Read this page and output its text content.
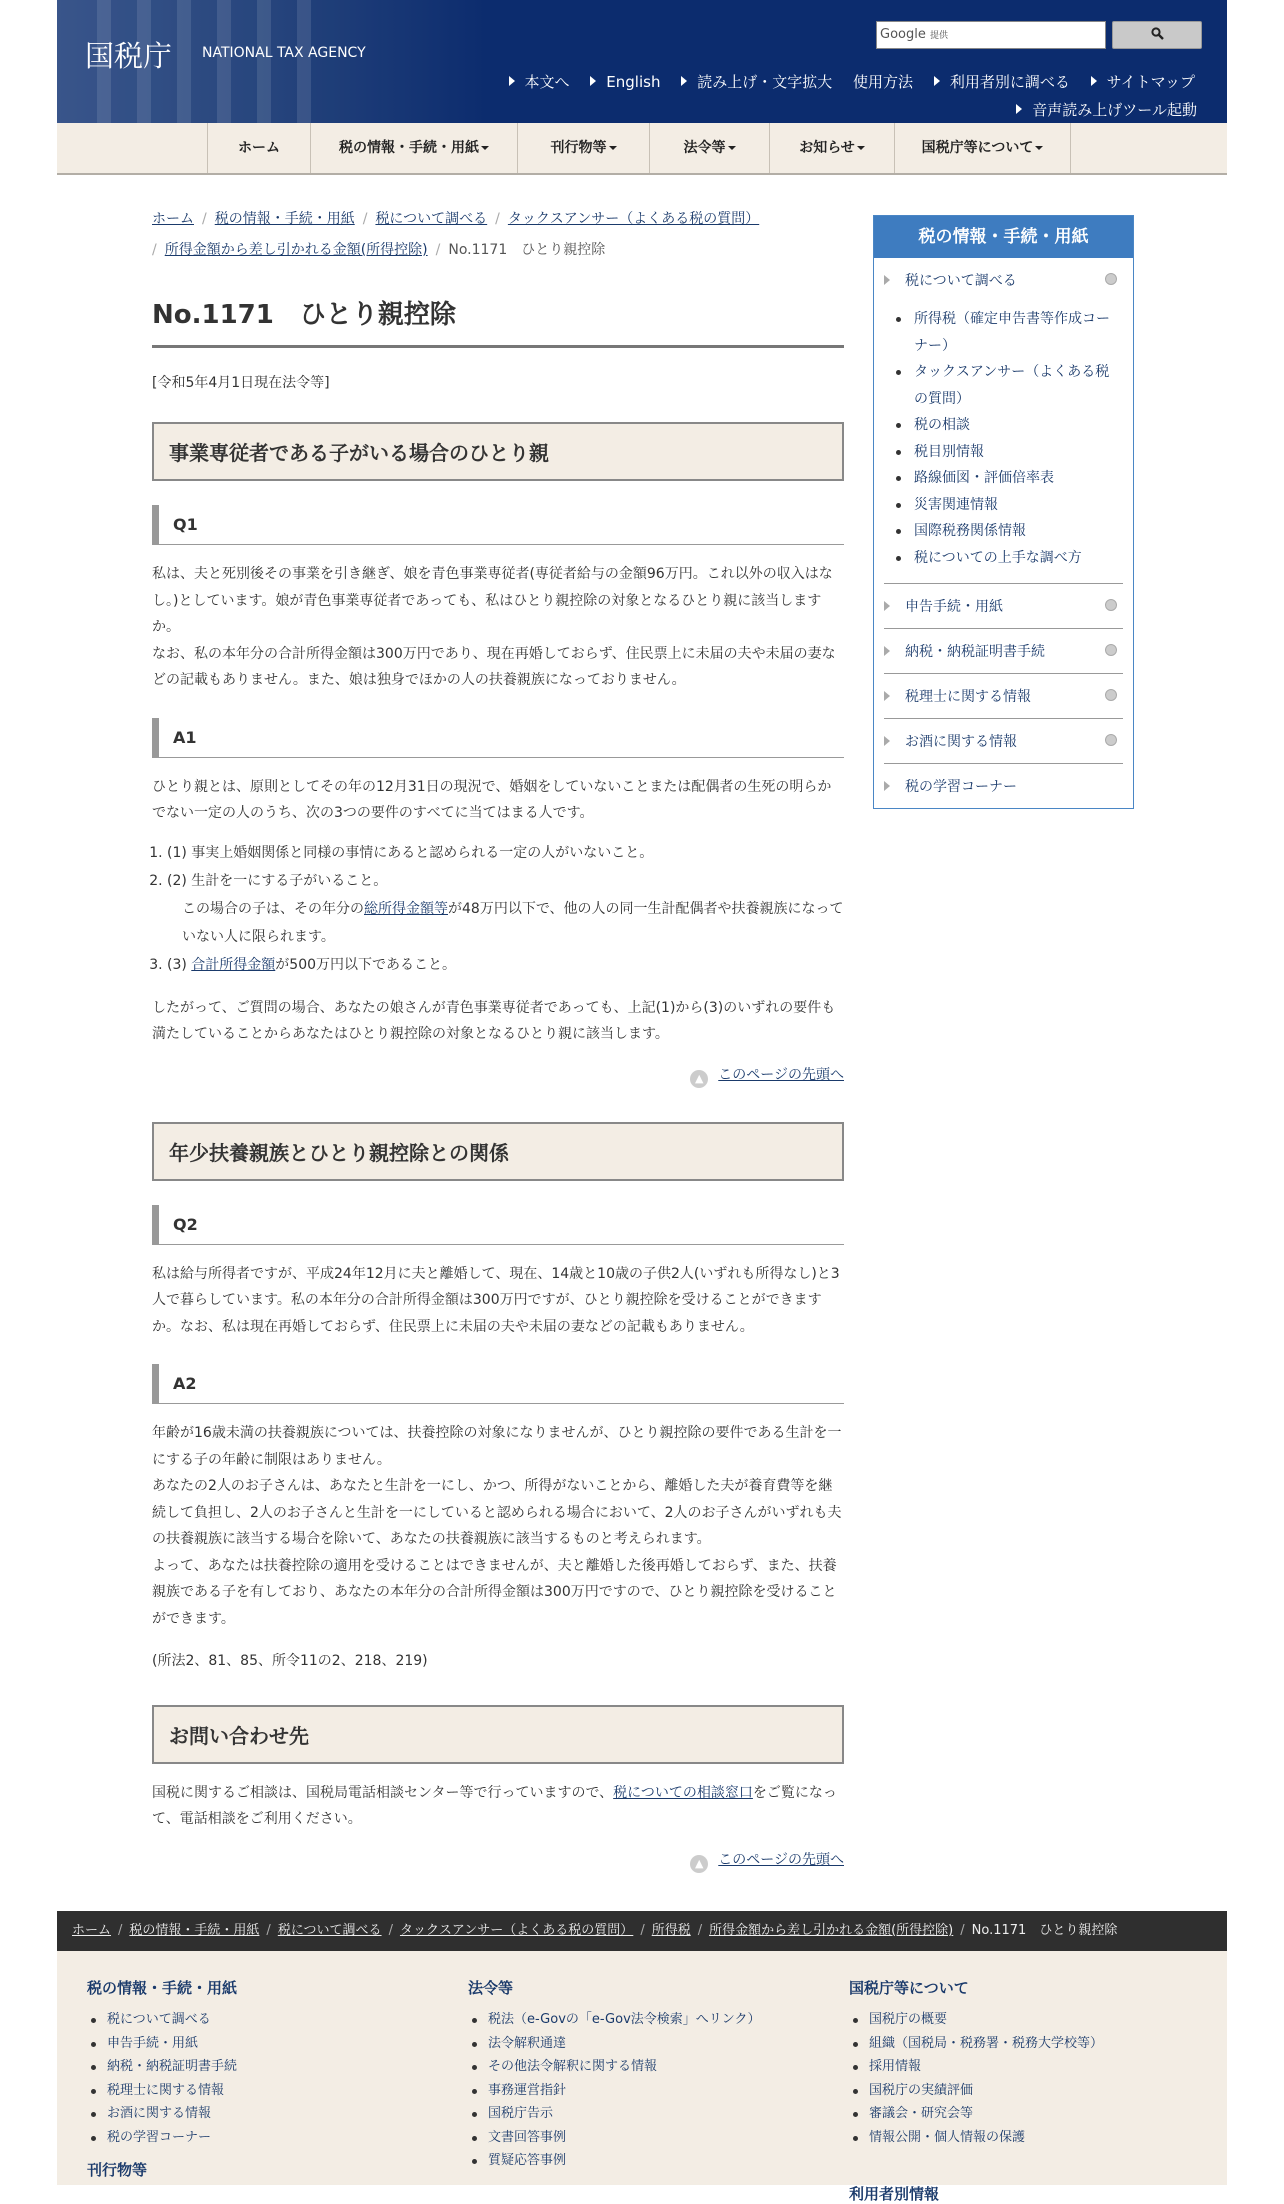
国税庁 NATIONAL TAX AGENCY
Google 提供
本文へ English 読み上げ・文字拡大 使用方法 利用者別に調べる サイトマップ
音声読み上げツール起動
ホーム	税の情報・手続・用紙	刊行物等	法令等	お知らせ	国税庁等について
ホーム / 税の情報・手続・用紙 / 税について調べる / タックスアンサー（よくある税の質問）
/ 所得金額から差し引かれる金額(所得控除) / No.1171　ひとり親控除
No.1171　ひとり親控除
[令和5年4月1日現在法令等]
事業専従者である子がいる場合のひとり親
Q1

私は、夫と死別後その事業を引き継ぎ、娘を青色事業専従者(専従者給与の金額96万円。これ以外の収入はなし。)としています。娘が青色事業専従者であっても、私はひとり親控除の対象となるひとり親に該当しますか。

なお、私の本年分の合計所得金額は300万円であり、現在再婚しておらず、住民票上に未届の夫や未届の妻などの記載もありません。また、娘は独身でほかの人の扶養親族になっておりません。

A1

ひとり親とは、原則としてその年の12月31日の現況で、婚姻をしていないことまたは配偶者の生死の明らかでない一定の人のうち、次の3つの要件のすべてに当てはまる人です。

1. (1) 事実上婚姻関係と同様の事情にあると認められる一定の人がいないこと。
2. (2) 生計を一にする子がいること。
この場合の子は、その年分の総所得金額等が48万円以下で、他の人の同一生計配偶者や扶養親族になっていない人に限られます。
3. (3) 合計所得金額が500万円以下であること。

したがって、ご質問の場合、あなたの娘さんが青色事業専従者であっても、上記(1)から(3)のいずれの要件も満たしていることからあなたはひとり親控除の対象となるひとり親に該当します。

▲ このページの先頭へ
年少扶養親族とひとり親控除との関係
Q2

私は給与所得者ですが、平成24年12月に夫と離婚して、現在、14歳と10歳の子供2人(いずれも所得なし)と3人で暮らしています。私の本年分の合計所得金額は300万円ですが、ひとり親控除を受けることができますか。なお、私は現在再婚しておらず、住民票上に未届の夫や未届の妻などの記載もありません。

A2

年齢が16歳未満の扶養親族については、扶養控除の対象になりませんが、ひとり親控除の要件である生計を一にする子の年齢に制限はありません。

あなたの2人のお子さんは、あなたと生計を一にし、かつ、所得がないことから、離婚した夫が養育費等を継続して負担し、2人のお子さんと生計を一にしていると認められる場合において、2人のお子さんがいずれも夫の扶養親族に該当する場合を除いて、あなたの扶養親族に該当するものと考えられます。

よって、あなたは扶養控除の適用を受けることはできませんが、夫と離婚した後再婚しておらず、また、扶養親族である子を有しており、あなたの本年分の合計所得金額は300万円ですので、ひとり親控除を受けることができます。

(所法2、81、85、所令11の2、218、219)

お問い合わせ先

国税に関するご相談は、国税局電話相談センター等で行っていますので、税についての相談窓口をご覧になって、電話相談をご利用ください。

▲ このページの先頭へ
税の情報・手続・用紙
税について調べる
所得税（確定申告書等作成コーナー）
タックスアンサー（よくある税の質問）
税の相談
税目別情報
路線価図・評価倍率表
災害関連情報
国際税務関係情報
税についての上手な調べ方
申告手続・用紙
納税・納税証明書手続
税理士に関する情報
お酒に関する情報
税の学習コーナー
ホーム / 税の情報・手続・用紙 / 税について調べる / タックスアンサー（よくある税の質問） / 所得税 / 所得金額から差し引かれる金額(所得控除) / No.1171　ひとり親控除
税の情報・手続・用紙
税について調べる
申告手続・用紙
納税・納税証明書手続
税理士に関する情報
お酒に関する情報
税の学習コーナー
刊行物等
法令等
税法（e-Govの「e-Gov法令検索」へリンク）
法令解釈通達
その他法令解釈に関する情報
事務運営指針
国税庁告示
文書回答事例
質疑応答事例
国税庁等について
国税庁の概要
組織（国税局・税務署・税務大学校等）
採用情報
国税庁の実績評価
審議会・研究会等
情報公開・個人情報の保護
利用者別情報
